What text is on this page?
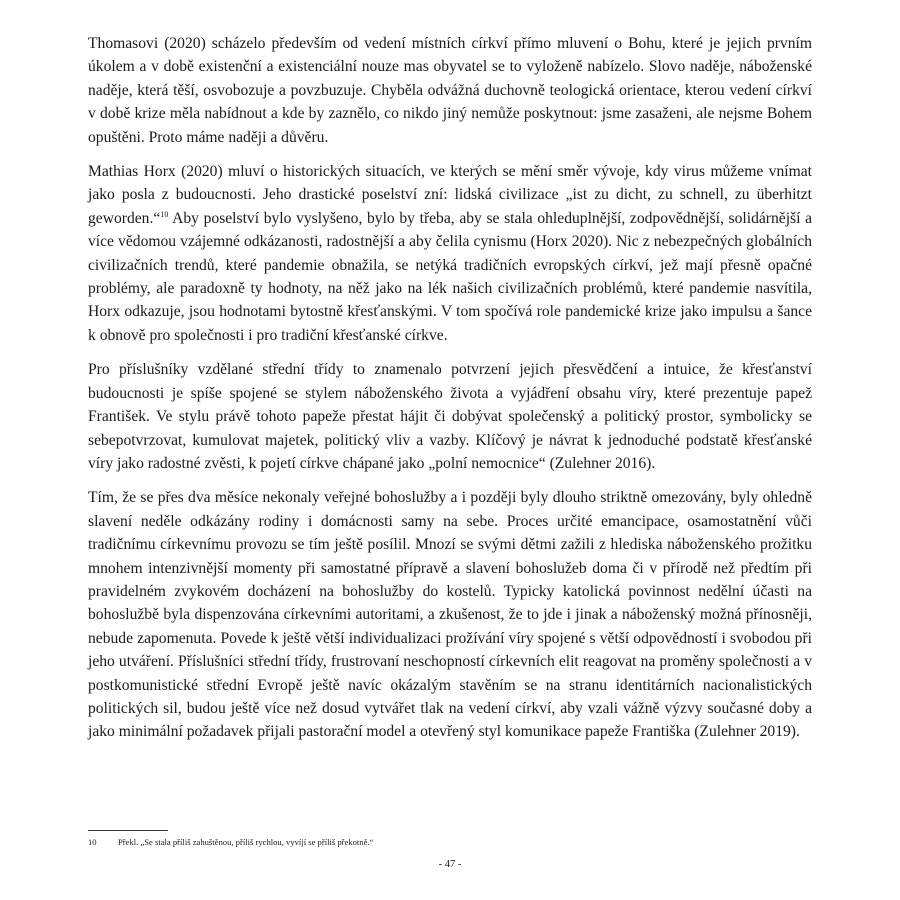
Thomasovi (2020) scházelo především od vedení místních církví přímo mluvení o Bohu, které je jejich prvním úkolem a v době existenční a existenciální nouze mas obyvatel se to vyloženě nabízelo. Slovo naděje, náboženské naděje, která těší, osvobozuje a povzbuzuje. Chyběla odvážná duchovně teologická orientace, kterou vedení církví v době krize měla nabídnout a kde by zaznělo, co nikdo jiný nemůže poskytnout: jsme zasaženi, ale nejsme Bohem opuštěni. Proto máme naději a důvěru.

Mathias Horx (2020) mluví o historických situacích, ve kterých se mění směr vývoje, kdy virus můžeme vnímat jako posla z budoucnosti. Jeho drastické poselství zní: lidská civilizace „ist zu dicht, zu schnell, zu überhitzt geworden.“$^{10}$ Aby poselství bylo vyslyšeno, bylo by třeba, aby se stala ohleduplnější, zodpovědnější, solidárnější a více vědomou vzájemné odkázanosti, radostnější a aby čelila cynismu (Horx 2020). Nic z nebezpečných globálních civilizačních trendů, které pandemie obnažila, se netýká tradičních evropských církví, jež mají přesně opačné problémy, ale paradoxně ty hodnoty, na něž jako na lék našich civilizačních problémů, které pandemie nasvítila, Horx odkazuje, jsou hodnotami bytostně křesťanskými. V tom spočívá role pandemické krize jako impulsu a šance k obnově pro společnosti i pro tradiční křesťanské církve.

Pro příslušníky vzdělané střední třídy to znamenalo potvrzení jejich přesvědčení a intuice, že křesťanství budoucnosti je spíše spojené se stylem náboženského života a vyjádření obsahu víry, které prezentuje papež František. Ve stylu právě tohoto papeže přestat hájit či dobývat společenský a politický prostor, symbolicky se sebepotvrzovat, kumulovat majetek, politický vliv a vazby. Klíčový je návrat k jednoduché podstatě křesťanské víry jako radostné zvěsti, k pojetí církve chápané jako „polní nemocnice“ (Zulehner 2016).

Tím, že se přes dva měsíce nekonaly veřejné bohoslužby a i později byly dlouho striktně omezovány, byly ohledně slavení neděle odkázány rodiny i domácnosti samy na sebe. Proces určité emancipace, osamostatnění vůči tradičnímu církevnímu provozu se tím ještě posílil. Mnozí se svými dětmi zažili z hlediska náboženského prožitku mnohem intenzivnější momenty při samostatné přípravě a slavení bohoslužeb doma či v přírodě než předtím při pravidelném zvykovém docházení na bohoslužby do kostelů. Typicky katolická povinnost nedělní účasti na bohoslužbě byla dispenzována církevními autoritami, a zkušenost, že to jde i jinak a náboženský možná přínosněji, nebude zapomenuta. Povede k ještě větší individualizaci prožívání víry spojené s větší odpovědností i svobodou při jeho utváření. Příslušníci střední třídy, frustrovaní neschopností církevních elit reagovat na proměny společnosti a v postkomunistické střední Evropě ještě navíc okázalým stavěním se na stranu identitárních nacionalistických politických sil, budou ještě více než dosud vytvářet tlak na vedení církví, aby vzali vážně výzvy současné doby a jako minimální požadavek přijali pastorační model a otevřený styl komunikace papeže Františka (Zulehner 2019).

10	Překl. „Se stala příliš zahuštěnou, příliš rychlou, vyvíjí se příliš překotně.“
- 47 -
